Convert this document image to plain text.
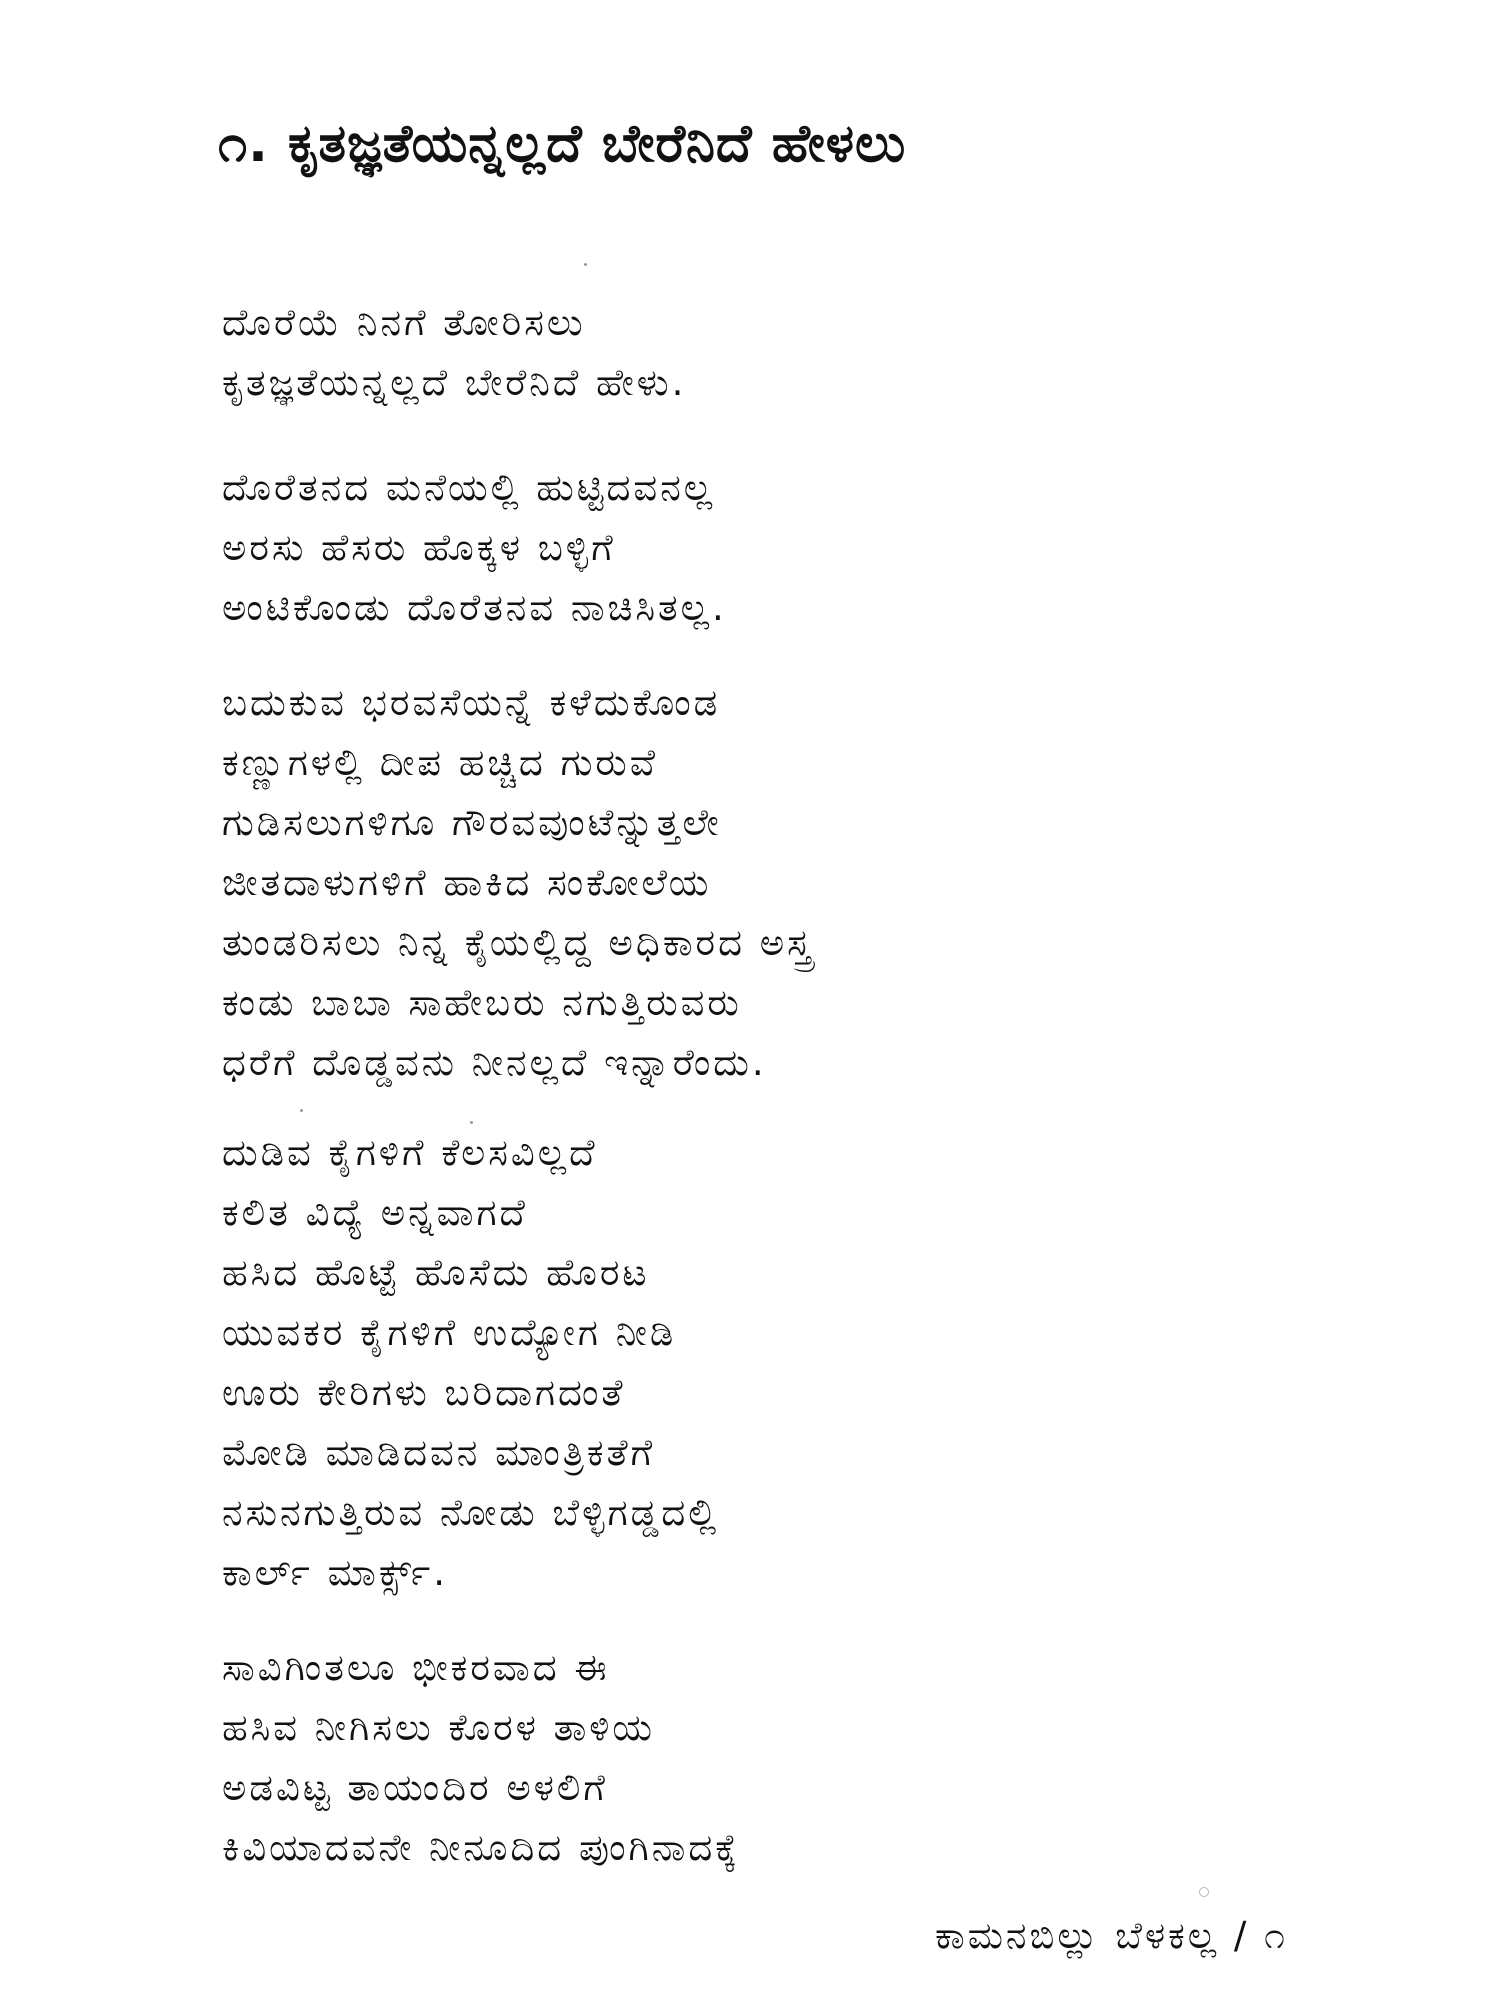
೧. ಕೃತಜ್ಞತೆಯನ್ನಲ್ಲದೆ ಬೇರೆನಿದೆ ಹೇಳಲು
ದೊರೆಯೆ ನಿನಗೆ ತೋರಿಸಲು
ಕೃತಜ್ಞತೆಯನ್ನಲ್ಲದೆ ಬೇರೆನಿದೆ ಹೇಳು.
ದೊರೆತನದ ಮನೆಯಲ್ಲಿ ಹುಟ್ಟಿದವನಲ್ಲ
ಅರಸು ಹೆಸರು ಹೊಕ್ಕಳ ಬಳ್ಳಿಗೆ
ಅಂಟಿಕೊಂಡು ದೊರೆತನವ ನಾಚಿಸಿತಲ್ಲ.
ಬದುಕುವ ಭರವಸೆಯನ್ನೆ ಕಳೆದುಕೊಂಡ
ಕಣ್ಣುಗಳಲ್ಲಿ ದೀಪ ಹಚ್ಚಿದ ಗುರುವೆ
ಗುಡಿಸಲುಗಳಿಗೂ ಗೌರವವುಂಟೆನ್ನುತ್ತಲೇ
ಜೀತದಾಳುಗಳಿಗೆ ಹಾಕಿದ ಸಂಕೋಲೆಯ
ತುಂಡರಿಸಲು ನಿನ್ನ ಕೈಯಲ್ಲಿದ್ದ ಅಧಿಕಾರದ ಅಸ್ತ್ರ
ಕಂಡು ಬಾಬಾ ಸಾಹೇಬರು ನಗುತ್ತಿರುವರು
ಧರೆಗೆ ದೊಡ್ಡವನು ನೀನಲ್ಲದೆ ಇನ್ನಾರೆಂದು.
ದುಡಿವ ಕೈಗಳಿಗೆ ಕೆಲಸವಿಲ್ಲದೆ
ಕಲಿತ ವಿದ್ಯೆ ಅನ್ನವಾಗದೆ
ಹಸಿದ ಹೊಟ್ಟೆ ಹೊಸೆದು ಹೊರಟ
ಯುವಕರ ಕೈಗಳಿಗೆ ಉದ್ಯೋಗ ನೀಡಿ
ಊರು ಕೇರಿಗಳು ಬರಿದಾಗದಂತೆ
ಮೋಡಿ ಮಾಡಿದವನ ಮಾಂತ್ರಿಕತೆಗೆ
ನಸುನಗುತ್ತಿರುವ ನೋಡು ಬೆಳ್ಳಿಗಡ್ಡದಲ್ಲಿ
ಕಾರ್ಲ್ ಮಾರ್ಕ್ಸ್.
ಸಾವಿಗಿಂತಲೂ ಭೀಕರವಾದ ಈ
ಹಸಿವ ನೀಗಿಸಲು ಕೊರಳ ತಾಳಿಯ
ಅಡವಿಟ್ಟ ತಾಯಂದಿರ ಅಳಲಿಗೆ
ಕಿವಿಯಾದವನೇ ನೀನೂದಿದ ಪುಂಗಿನಾದಕ್ಕೆ
ಕಾಮನಬಿಲ್ಲು ಬೆಳಕಲ್ಲ / ೧
